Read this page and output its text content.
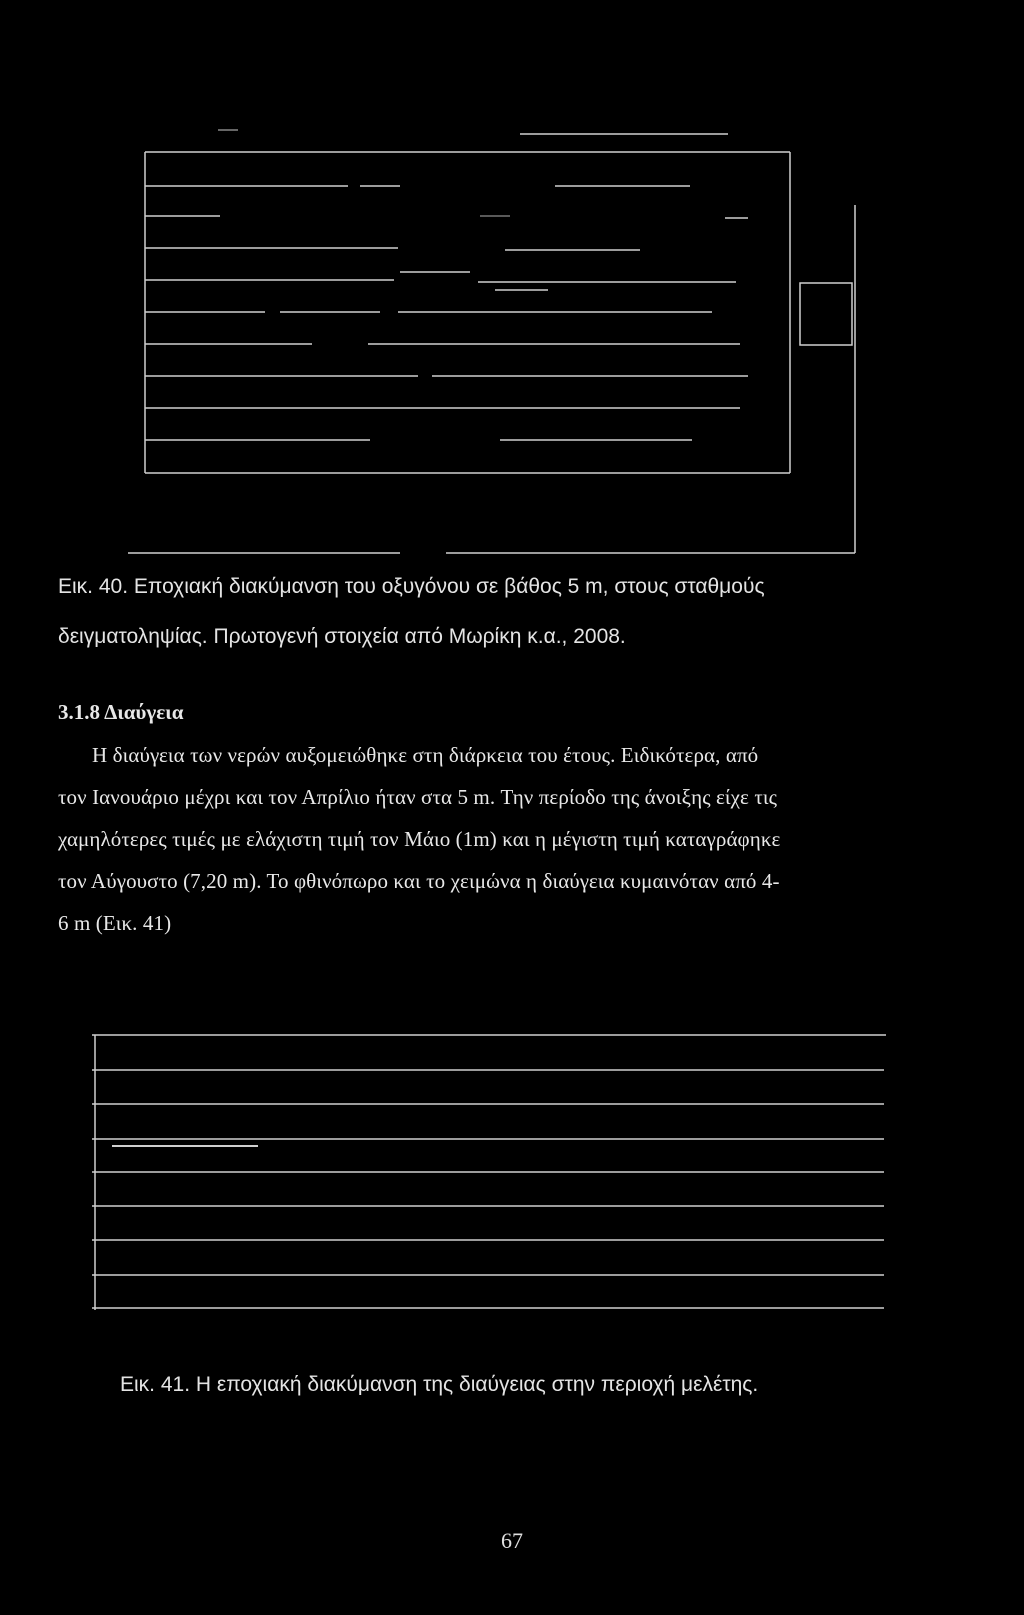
Εικ. 40. Εποχιακή διακύμανση του οξυγόνου σε βάθος 5 m, στους σταθμούς
δειγματοληψίας. Πρωτογενή στοιχεία από Μωρίκη κ.α., 2008.
3.1.8 Διαύγεια
Η διαύγεια των νερών αυξομειώθηκε στη διάρκεια του έτους. Ειδικότερα, από
τον Ιανουάριο μέχρι και τον Απρίλιο ήταν στα 5 m. Την περίοδο της άνοιξης είχε τις
χαμηλότερες τιμές με ελάχιστη τιμή τον Μάιο (1m) και η μέγιστη τιμή καταγράφηκε
τον Αύγουστο (7,20 m). Το φθινόπωρο και το χειμώνα η διαύγεια κυμαινόταν από 4-
6 m (Εικ. 41)
Εικ. 41. Η εποχιακή διακύμανση της διαύγειας στην περιοχή μελέτης.
67
